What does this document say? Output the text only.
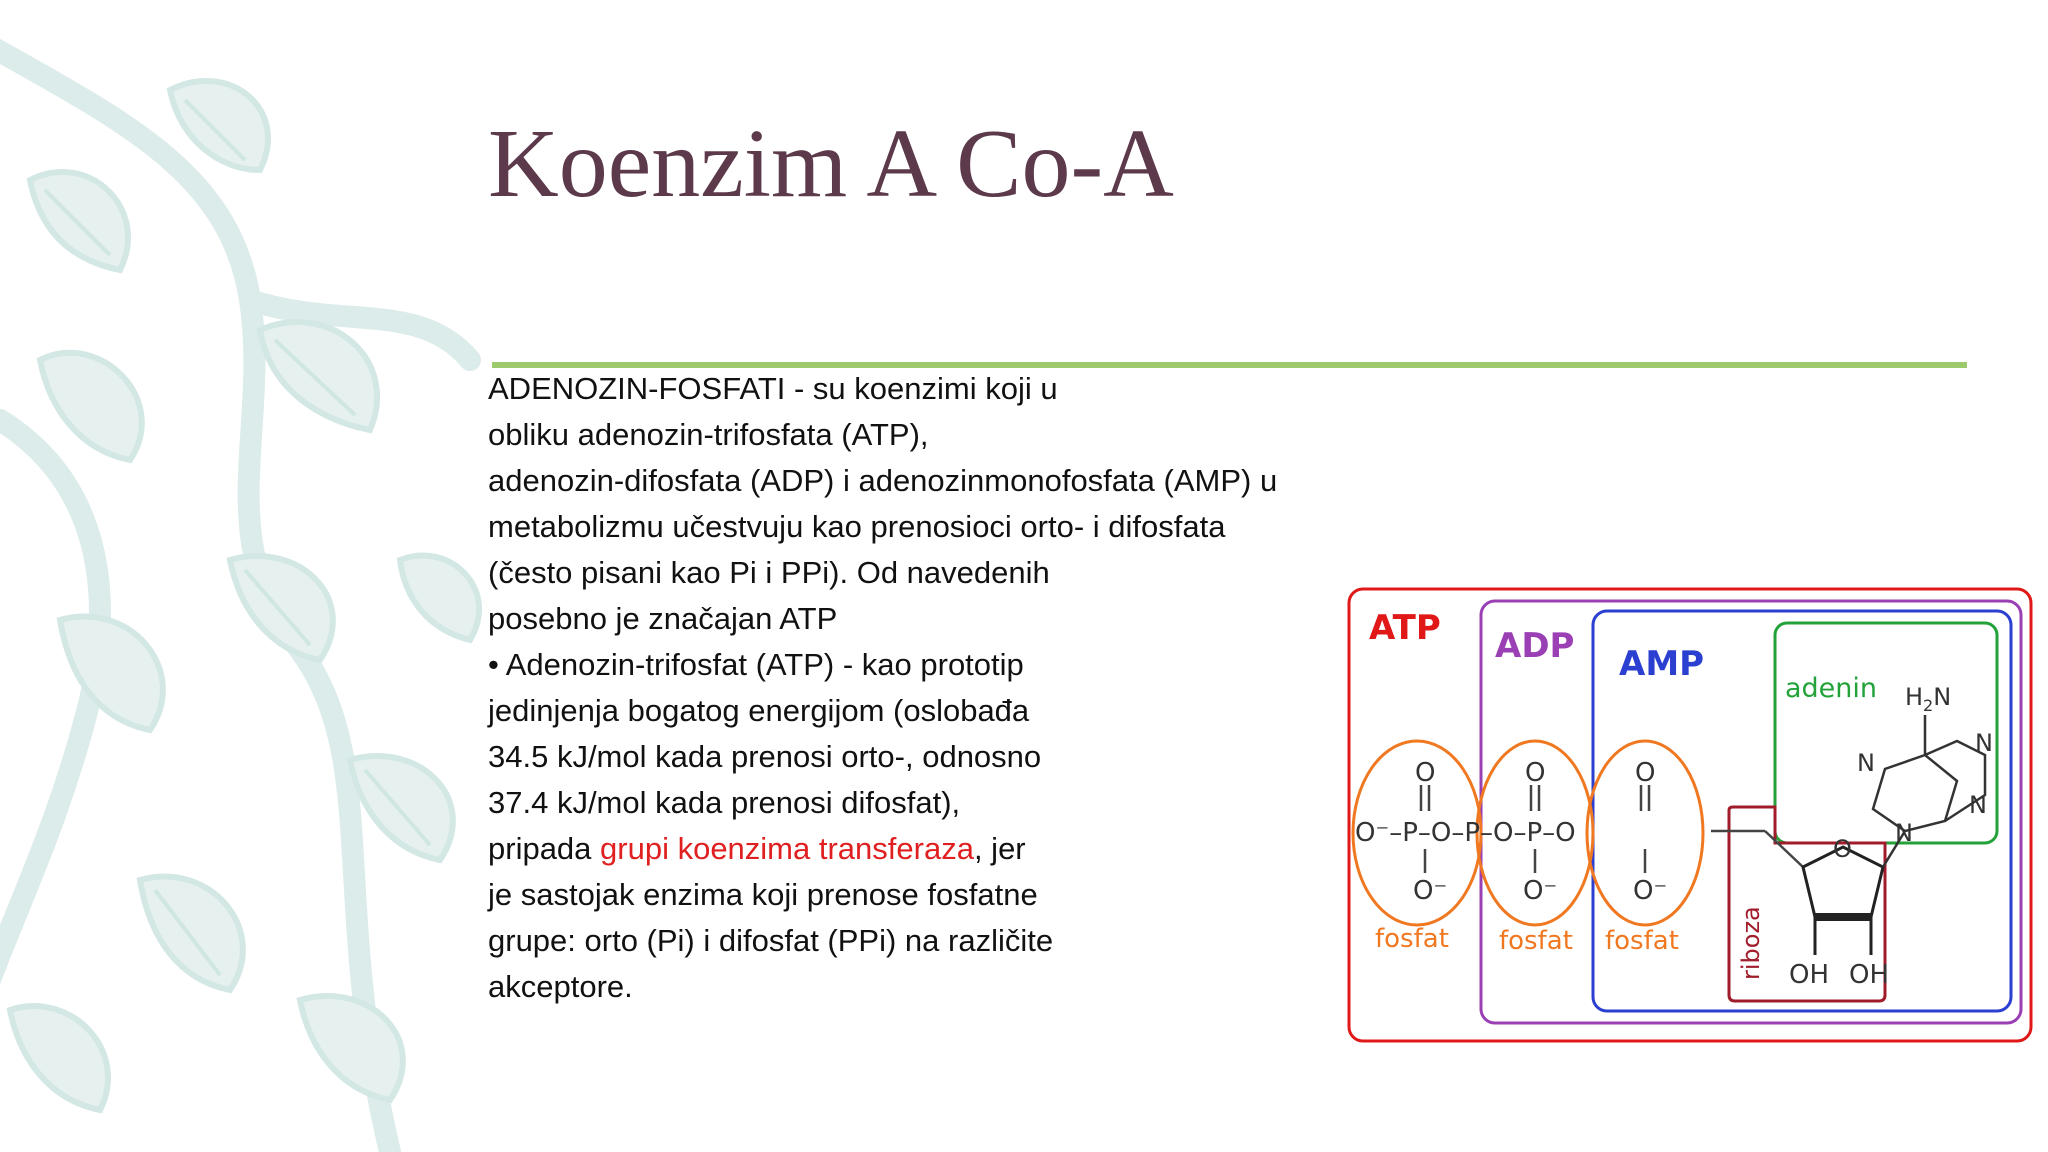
Koenzim A Co-A
ADENOZIN-FOSFATI - su koenzimi koji u
obliku adenozin-trifosfata (ATP),
adenozin-difosfata (ADP) i adenozinmonofosfata (AMP) u
metabolizmu učestvuju kao prenosioci orto- i difosfata
(često pisani kao Pi i PPi). Od navedenih
posebno je značajan ATP
• Adenozin-trifosfat (ATP) - kao prototip
jedinjenja bogatog energijom (oslobađa
34.5 kJ/mol kada prenosi orto-, odnosno
37.4 kJ/mol kada prenosi difosfat),
pripada grupi koenzima transferaza, jer
je sastojak enzima koji prenose fosfatne
grupe: orto (Pi) i difosfat (PPi) na različite
akceptore.
ATP ADP AMP
adenin
fosfat fosfat fosfat
O	O	O
O⁻–P–O–P–O–P–O
O⁻	O⁻	O⁻
O
OH OH
riboza
$H_2N$
N
N
N
N
